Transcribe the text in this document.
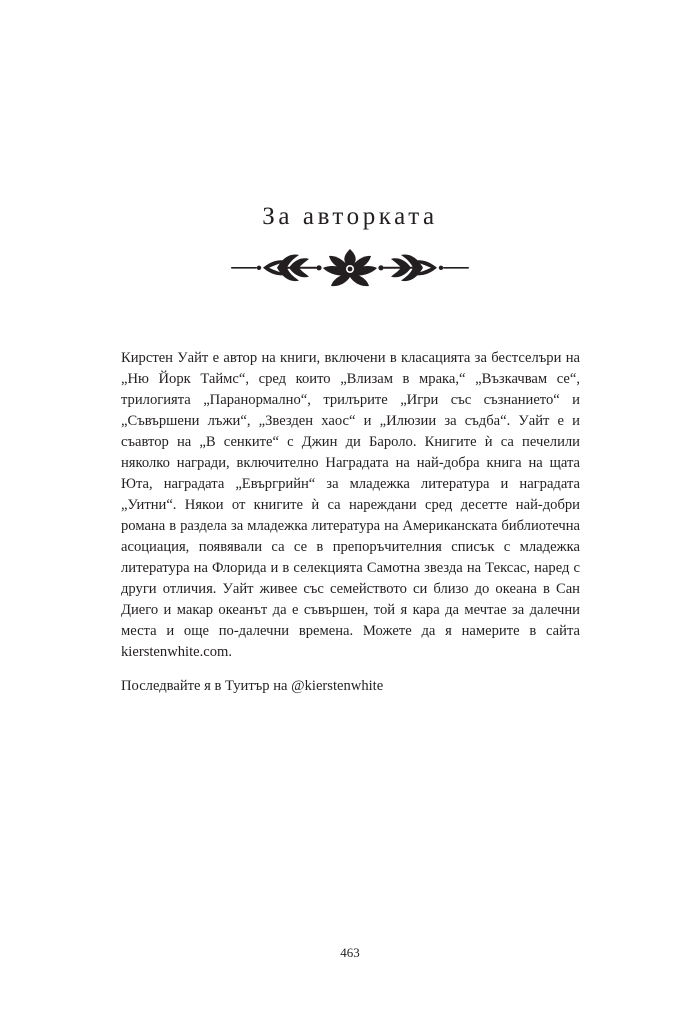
За авторката

Кирстен Уайт е автор на книги, включени в класацията за бестселъри на „Ню Йорк Таймс“, сред които „Влизам в мрака,“ „Възкачвам се“, трилогията „Паранормално“, трилърите „Игри със съзнанието“ и „Съвършени лъжи“, „Звезден хаос“ и „Илюзии за съдба“. Уайт е и съавтор на „В сенките“ с Джин ди Бароло. Книгите ѝ са печелили няколко награди, включително Наградата на най-добра книга на щата Юта, наградата „Евъргрийн“ за младежка литература и наградата „Уитни“. Някои от книгите ѝ са нареждани сред десетте най-добри романа в раздела за младежка литература на Американската библиотечна асоциация, появявали са се в препоръчителния списък с младежка литература на Флорида и в селекцията Самотна звезда на Тексас, наред с други отличия. Уайт живее със семейството си близо до океана в Сан Диего и макар океанът да е съвършен, той я кара да мечтае за далечни места и още по-далечни времена. Можете да я намерите в сайта kierstenwhite.com.

Последвайте я в Туитър на @kierstenwhite

463
